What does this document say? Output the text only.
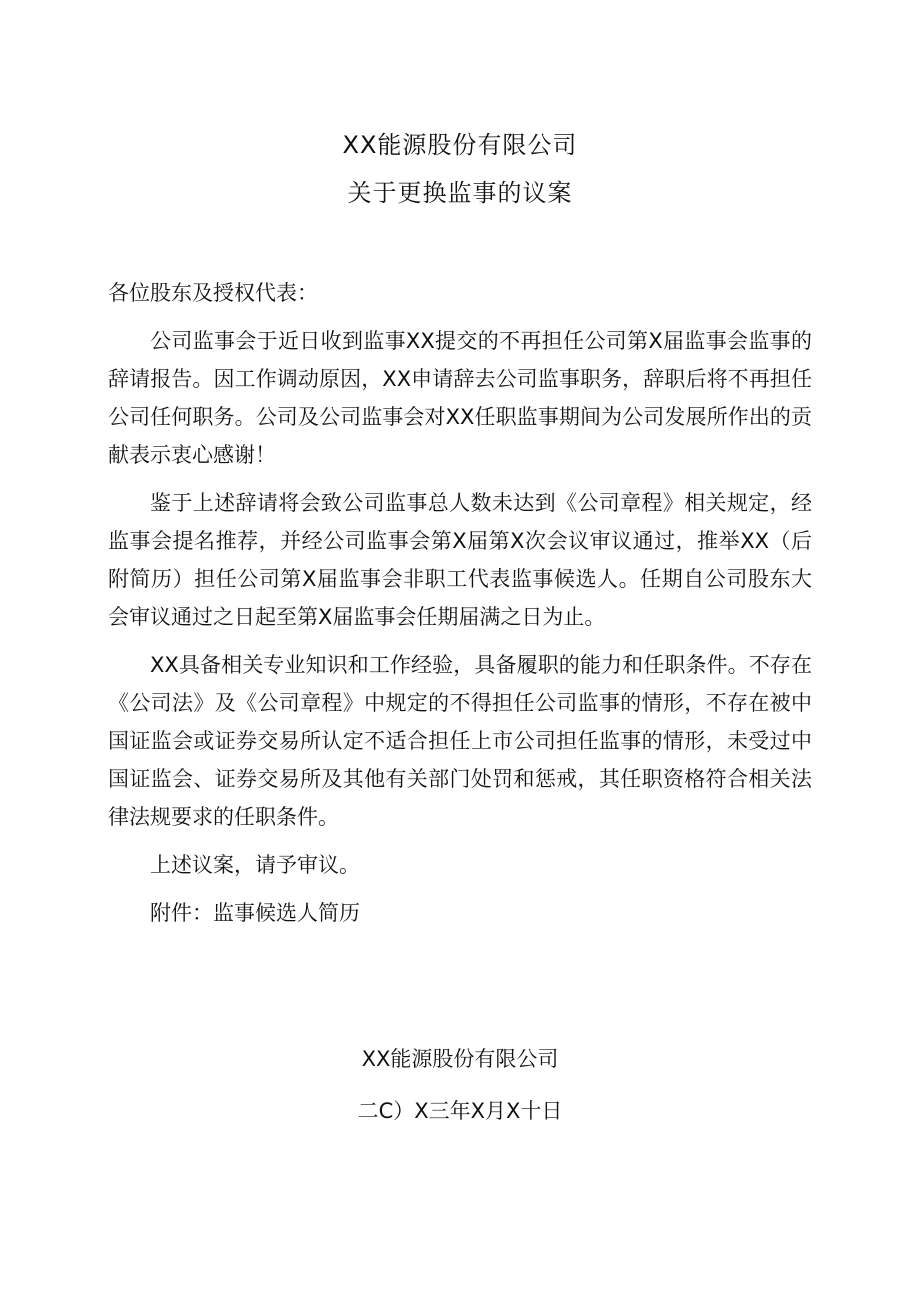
XX能源股份有限公司
关于更换监事的议案

各位股东及授权代表：

公司监事会于近日收到监事XX提交的不再担任公司第X届监事会监事的辞请报告。因工作调动原因，XX申请辞去公司监事职务，辞职后将不再担任公司任何职务。公司及公司监事会对XX任职监事期间为公司发展所作出的贡献表示衷心感谢！

鉴于上述辞请将会致公司监事总人数未达到《公司章程》相关规定，经监事会提名推荐，并经公司监事会第X届第X次会议审议通过，推举XX（后附简历）担任公司第X届监事会非职工代表监事候选人。任期自公司股东大会审议通过之日起至第X届监事会任期届满之日为止。

XX具备相关专业知识和工作经验，具备履职的能力和任职条件。不存在《公司法》及《公司章程》中规定的不得担任公司监事的情形，不存在被中国证监会或证券交易所认定不适合担任上市公司担任监事的情形，未受过中国证监会、证券交易所及其他有关部门处罚和惩戒，其任职资格符合相关法律法规要求的任职条件。

上述议案，请予审议。

附件：监事候选人简历

XX能源股份有限公司
二C）X三年X月X十日
